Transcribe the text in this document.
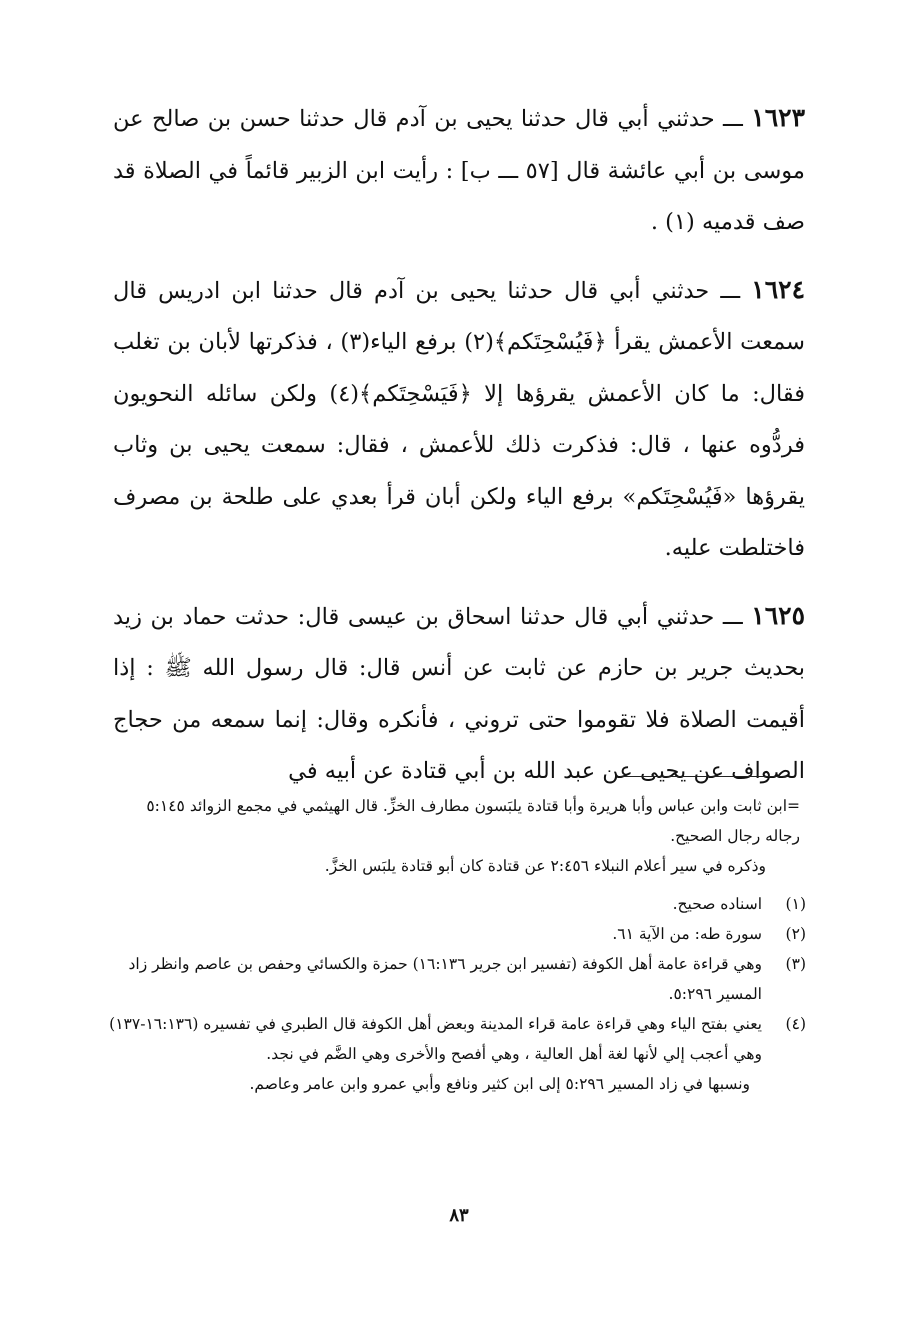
١٦٢٣ ـــ حدثني أبي قال حدثنا يحيى بن آدم قال حدثنا حسن بن صالح عن موسى بن أبي عائشة قال [٥٧ ـــ ب] : رأيت ابن الزبير قائماً في الصلاة قد صف قدميه (١) .

١٦٢٤ ـــ حدثني أبي قال حدثنا يحيى بن آدم قال حدثنا ابن ادريس قال سمعت الأعمش يقرأ ﴿فَيُسْحِتَكم﴾(٢) برفع الياء(٣) ، فذكرتها لأبان بن تغلب فقال: ما كان الأعمش يقرؤها إلا ﴿فَيَسْحِتَكم﴾(٤) ولكن سائله النحويون فردُّوه عنها ، قال: فذكرت ذلك للأعمش ، فقال: سمعت يحيى بن وثاب يقرؤها «فَيُسْحِتَكم» برفع الياء ولكن أبان قرأ بعدي على طلحة بن مصرف فاختلطت عليه.

١٦٢٥ ـــ حدثني أبي قال حدثنا اسحاق بن عيسى قال: حدثت حماد بن زيد بحديث جرير بن حازم عن ثابت عن أنس قال: قال رسول الله ﷺ : إذا أقيمت الصلاة فلا تقوموا حتى تروني ، فأنكره وقال: إنما سمعه من حجاج الصواف عن يحيى عن عبد الله بن أبي قتادة عن أبيه في

=ابن ثابت وابن عباس وأبا هريرة وأبا قتادة يلبَسون مطارف الخزِّ. قال الهيثمي في مجمع الزوائد ٥:١٤٥ رجاله رجال الصحيح.

وذكره في سير أعلام النبلاء ٢:٤٥٦ عن قتادة كان أبو قتادة يلبَس الخزَّ.

(١)
اسناده صحيح.
(٢)
سورة طه: من الآية ٦١.
(٣)
وهي قراءة عامة أهل الكوفة (تفسير ابن جرير ١٦:١٣٦) حمزة والكسائي وحفص بن عاصم وانظر زاد المسير ٥:٢٩٦.
(٤)
يعني بفتح الياء وهي قراءة عامة قراء المدينة وبعض أهل الكوفة قال الطبري في تفسيره (١٦:١٣٦-١٣٧) وهي أعجب إلي لأنها لغة أهل العالية ، وهي أفصح والأخرى وهي الضَّم في نجد.

ونسبها في زاد المسير ٥:٢٩٦ إلى ابن كثير ونافع وأبي عمرو وابن عامر وعاصم.

٨٣
